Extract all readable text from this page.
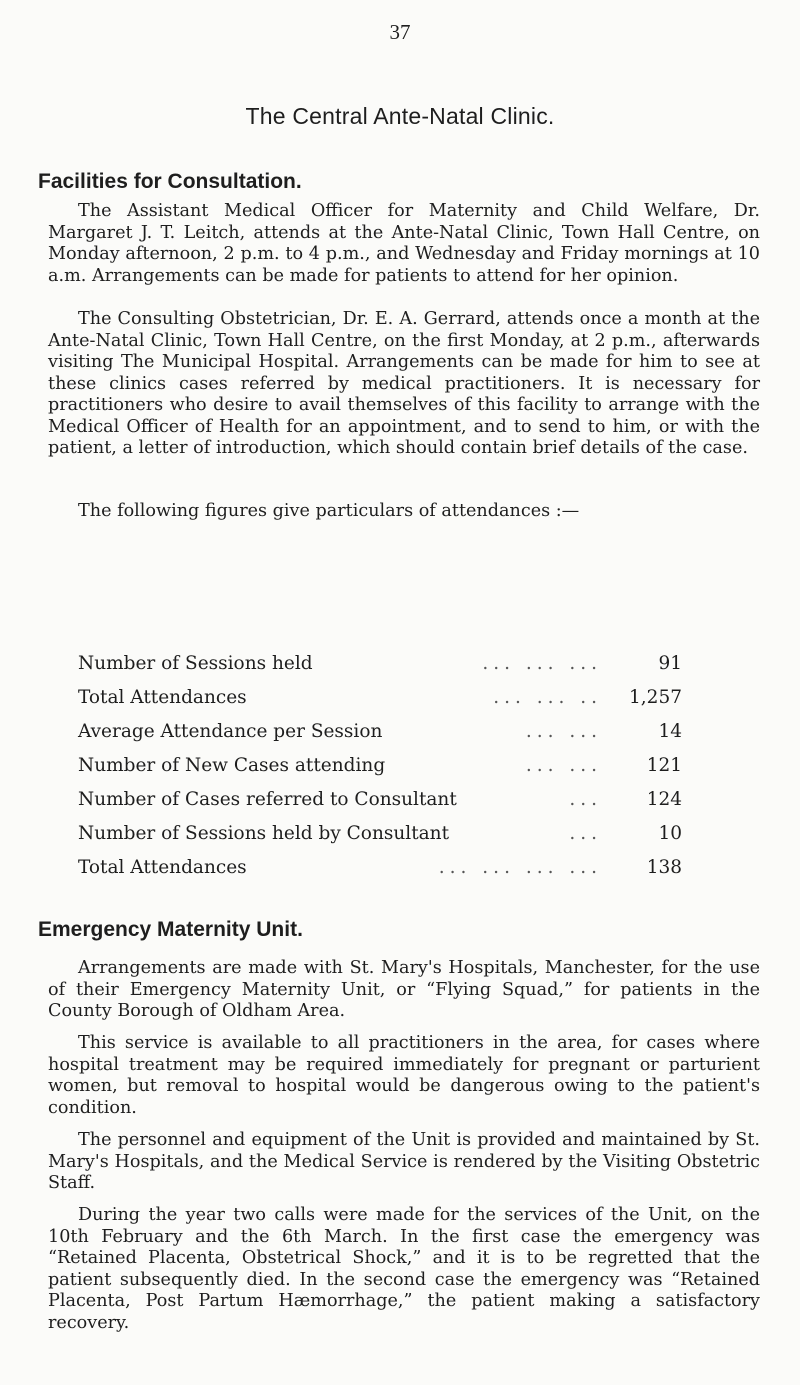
37
The Central Ante-Natal Clinic.
Facilities for Consultation.

The Assistant Medical Officer for Maternity and Child Welfare, Dr. Margaret J. T. Leitch, attends at the Ante-Natal Clinic, Town Hall Centre, on Monday afternoon, 2 p.m. to 4 p.m., and Wednesday and Friday mornings at 10 a.m. Arrangements can be made for patients to attend for her opinion.

The Consulting Obstetrician, Dr. E. A. Gerrard, attends once a month at the Ante-Natal Clinic, Town Hall Centre, on the first Monday, at 2 p.m., afterwards visiting The Municipal Hospital. Arrangements can be made for him to see at these clinics cases referred by medical practitioners. It is necessary for practitioners who desire to avail themselves of this facility to arrange with the Medical Officer of Health for an appointment, and to send to him, or with the patient, a letter of introduction, which should contain brief details of the case.

The following figures give particulars of attendances :—

Number of Sessions held	... ... ...	91
Total Attendances	... ... ..	1,257
Average Attendance per Session	... ...	14
Number of New Cases attending	... ...	121
Number of Cases referred to Consultant	...	124
Number of Sessions held by Consultant	...	10
Total Attendances	... ... ... ...	138
Emergency Maternity Unit.

Arrangements are made with St. Mary's Hospitals, Manchester, for the use of their Emergency Maternity Unit, or “Flying Squad,” for patients in the County Borough of Oldham Area.

This service is available to all practitioners in the area, for cases where hospital treatment may be required immediately for pregnant or parturient women, but removal to hospital would be dangerous owing to the patient's condition.

The personnel and equipment of the Unit is provided and maintained by St. Mary's Hospitals, and the Medical Service is rendered by the Visiting Obstetric Staff.

During the year two calls were made for the services of the Unit, on the 10th February and the 6th March. In the first case the emergency was “Retained Placenta, Obstetrical Shock,” and it is to be regretted that the patient subsequently died. In the second case the emergency was “Retained Placenta, Post Partum Hæmorrhage,” the patient making a satisfactory recovery.
